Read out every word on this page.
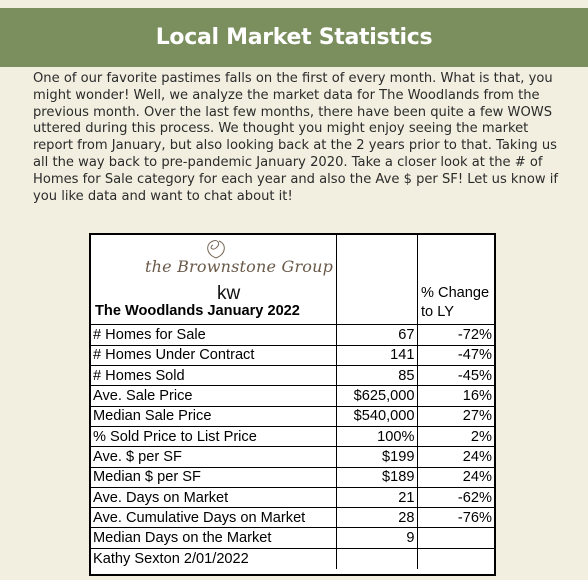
Local Market Statistics

One of our favorite pastimes falls on the first of every month. What is that, you might wonder! Well, we analyze the market data for The Woodlands from the previous month. Over the last few months, there have been quite a few WOWS uttered during this process. We thought you might enjoy seeing the market report from January, but also looking back at the 2 years prior to that. Taking us all the way back to pre-pandemic January 2020. Take a closer look at the # of Homes for Sale category for each year and also the Ave $ per SF! Let us know if you like data and want to chat about it!

the Brownstone Group
kw
The Woodlands January 2022
% Change
to LY
# Homes for Sale	67	-72%
# Homes Under Contract	141	-47%
# Homes Sold	85	-45%
Ave. Sale Price	$625,000	16%
Median Sale Price	$540,000	27%
% Sold Price to List Price	100%	2%
Ave. $ per SF	$199	24%
Median $ per SF	$189	24%
Ave. Days on Market	21	-62%
Ave. Cumulative Days on Market	28	-76%
Median Days on the Market	9	
Kathy Sexton 2/01/2022		
